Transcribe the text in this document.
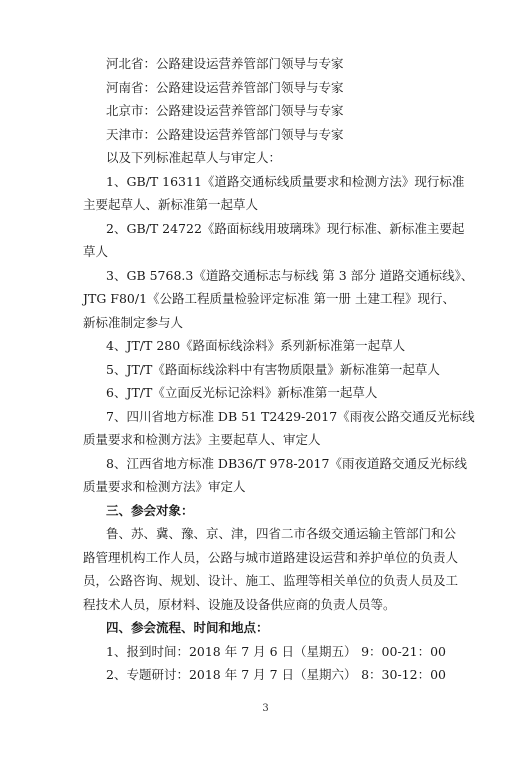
河北省：公路建设运营养管部门领导与专家
河南省：公路建设运营养管部门领导与专家
北京市：公路建设运营养管部门领导与专家
天津市：公路建设运营养管部门领导与专家
以及下列标准起草人与审定人：
1、GB/T 16311《道路交通标线质量要求和检测方法》现行标准
主要起草人、新标准第一起草人
2、GB/T 24722《路面标线用玻璃珠》现行标准、新标准主要起
草人
3、GB 5768.3《道路交通标志与标线 第 3 部分 道路交通标线》、
JTG F80/1《公路工程质量检验评定标准 第一册 土建工程》现行、
新标准制定参与人
4、JT/T 280《路面标线涂料》系列新标准第一起草人
5、JT/T《路面标线涂料中有害物质限量》新标准第一起草人
6、JT/T《立面反光标记涂料》新标准第一起草人
7、四川省地方标准 DB 51 T2429-2017《雨夜公路交通反光标线
质量要求和检测方法》主要起草人、审定人
8、江西省地方标准 DB36/T 978-2017《雨夜道路交通反光标线
质量要求和检测方法》审定人
三、参会对象：
鲁、苏、冀、豫、京、津，四省二市各级交通运输主管部门和公
路管理机构工作人员，公路与城市道路建设运营和养护单位的负责人
员，公路咨询、规划、设计、施工、监理等相关单位的负责人员及工
程技术人员，原材料、设施及设备供应商的负责人员等。
四、参会流程、时间和地点：
1、报到时间：2018 年 7 月 6 日（星期五） 9：00-21：00
2、专题研讨：2018 年 7 月 7 日（星期六） 8：30-12：00
3
